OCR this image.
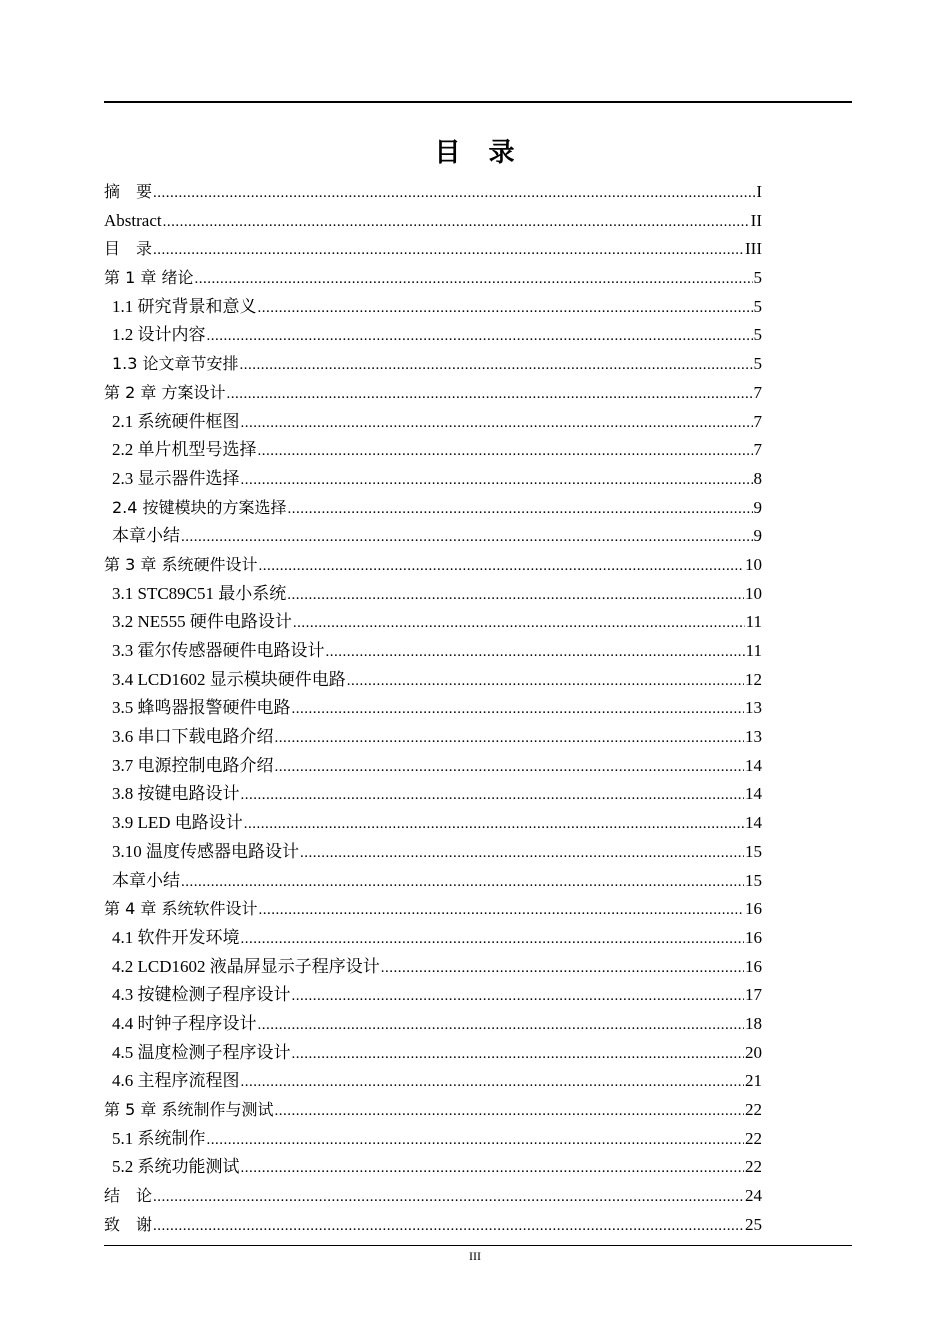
目　录
摘　要 .....	I
Abstract .....	II
目　录 .....	III
第 1 章 绪论 .....	5
1.1 研究背景和意义 .....	5
1.2 设计内容 .....	5
1.3 论文章节安排 .....	5
第 2 章 方案设计 .....	7
2.1 系统硬件框图 .....	7
2.2 单片机型号选择 .....	7
2.3 显示器件选择 .....	8
2.4 按键模块的方案选择 .....	9
本章小结 .....	9
第 3 章 系统硬件设计 .....	10
3.1 STC89C51 最小系统 .....	10
3.2 NE555 硬件电路设计 .....	11
3.3 霍尔传感器硬件电路设计 .....	11
3.4 LCD1602 显示模块硬件电路 .....	12
3.5 蜂鸣器报警硬件电路 .....	13
3.6 串口下载电路介绍 .....	13
3.7 电源控制电路介绍 .....	14
3.8 按键电路设计 .....	14
3.9 LED 电路设计 .....	14
3.10 温度传感器电路设计 .....	15
本章小结 .....	15
第 4 章 系统软件设计 .....	16
4.1 软件开发环境 .....	16
4.2 LCD1602 液晶屏显示子程序设计 .....	16
4.3 按键检测子程序设计 .....	17
4.4 时钟子程序设计 .....	18
4.5 温度检测子程序设计 .....	20
4.6 主程序流程图 .....	21
第 5 章 系统制作与测试 .....	22
5.1 系统制作 .....	22
5.2 系统功能测试 .....	22
结　论 .....	24
致　谢 .....	25
III
